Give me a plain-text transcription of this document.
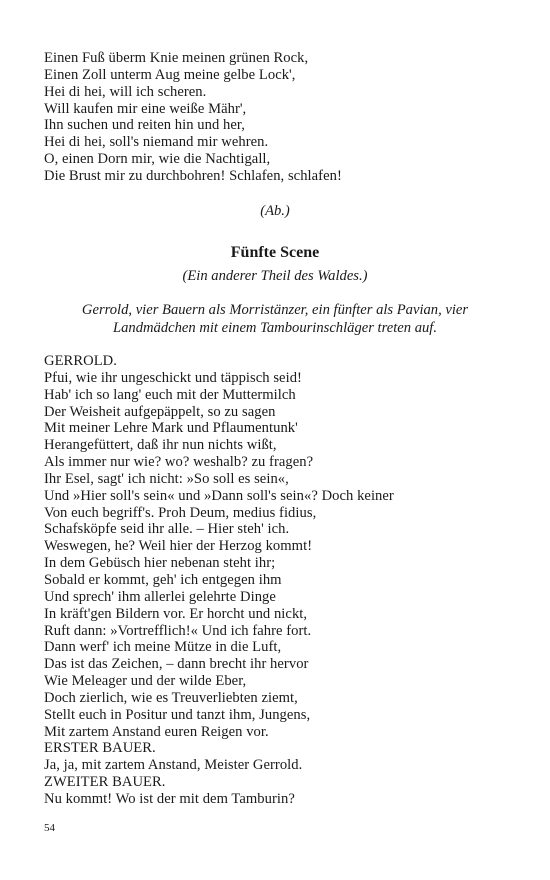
Einen Fuß überm Knie meinen grünen Rock,
Einen Zoll unterm Aug meine gelbe Lock',
Hei di hei, will ich scheren.
Will kaufen mir eine weiße Mähr',
Ihn suchen und reiten hin und her,
Hei di hei, soll's niemand mir wehren.
O, einen Dorn mir, wie die Nachtigall,
Die Brust mir zu durchbohren! Schlafen, schlafen!
(Ab.)
Fünfte Scene
(Ein anderer Theil des Waldes.)
Gerrold, vier Bauern als Morristänzer, ein fünfter als Pavian, vier
Landmädchen mit einem Tambourinschläger treten auf.
GERROLD.
Pfui, wie ihr ungeschickt und täppisch seid!
Hab' ich so lang' euch mit der Muttermilch
Der Weisheit aufgepäppelt, so zu sagen
Mit meiner Lehre Mark und Pflaumentunk'
Herangefüttert, daß ihr nun nichts wißt,
Als immer nur wie? wo? weshalb? zu fragen?
Ihr Esel, sagt' ich nicht: »So soll es sein«,
Und »Hier soll's sein« und »Dann soll's sein«? Doch keiner
Von euch begriff's. Proh Deum, medius fidius,
Schafsköpfe seid ihr alle. – Hier steh' ich.
Weswegen, he? Weil hier der Herzog kommt!
In dem Gebüsch hier nebenan steht ihr;
Sobald er kommt, geh' ich entgegen ihm
Und sprech' ihm allerlei gelehrte Dinge
In kräft'gen Bildern vor. Er horcht und nickt,
Ruft dann: »Vortrefflich!« Und ich fahre fort.
Dann werf' ich meine Mütze in die Luft,
Das ist das Zeichen, – dann brecht ihr hervor
Wie Meleager und der wilde Eber,
Doch zierlich, wie es Treuverliebten ziemt,
Stellt euch in Positur und tanzt ihm, Jungens,
Mit zartem Anstand euren Reigen vor.
ERSTER BAUER.
Ja, ja, mit zartem Anstand, Meister Gerrold.
ZWEITER BAUER.
Nu kommt! Wo ist der mit dem Tamburin?
54
